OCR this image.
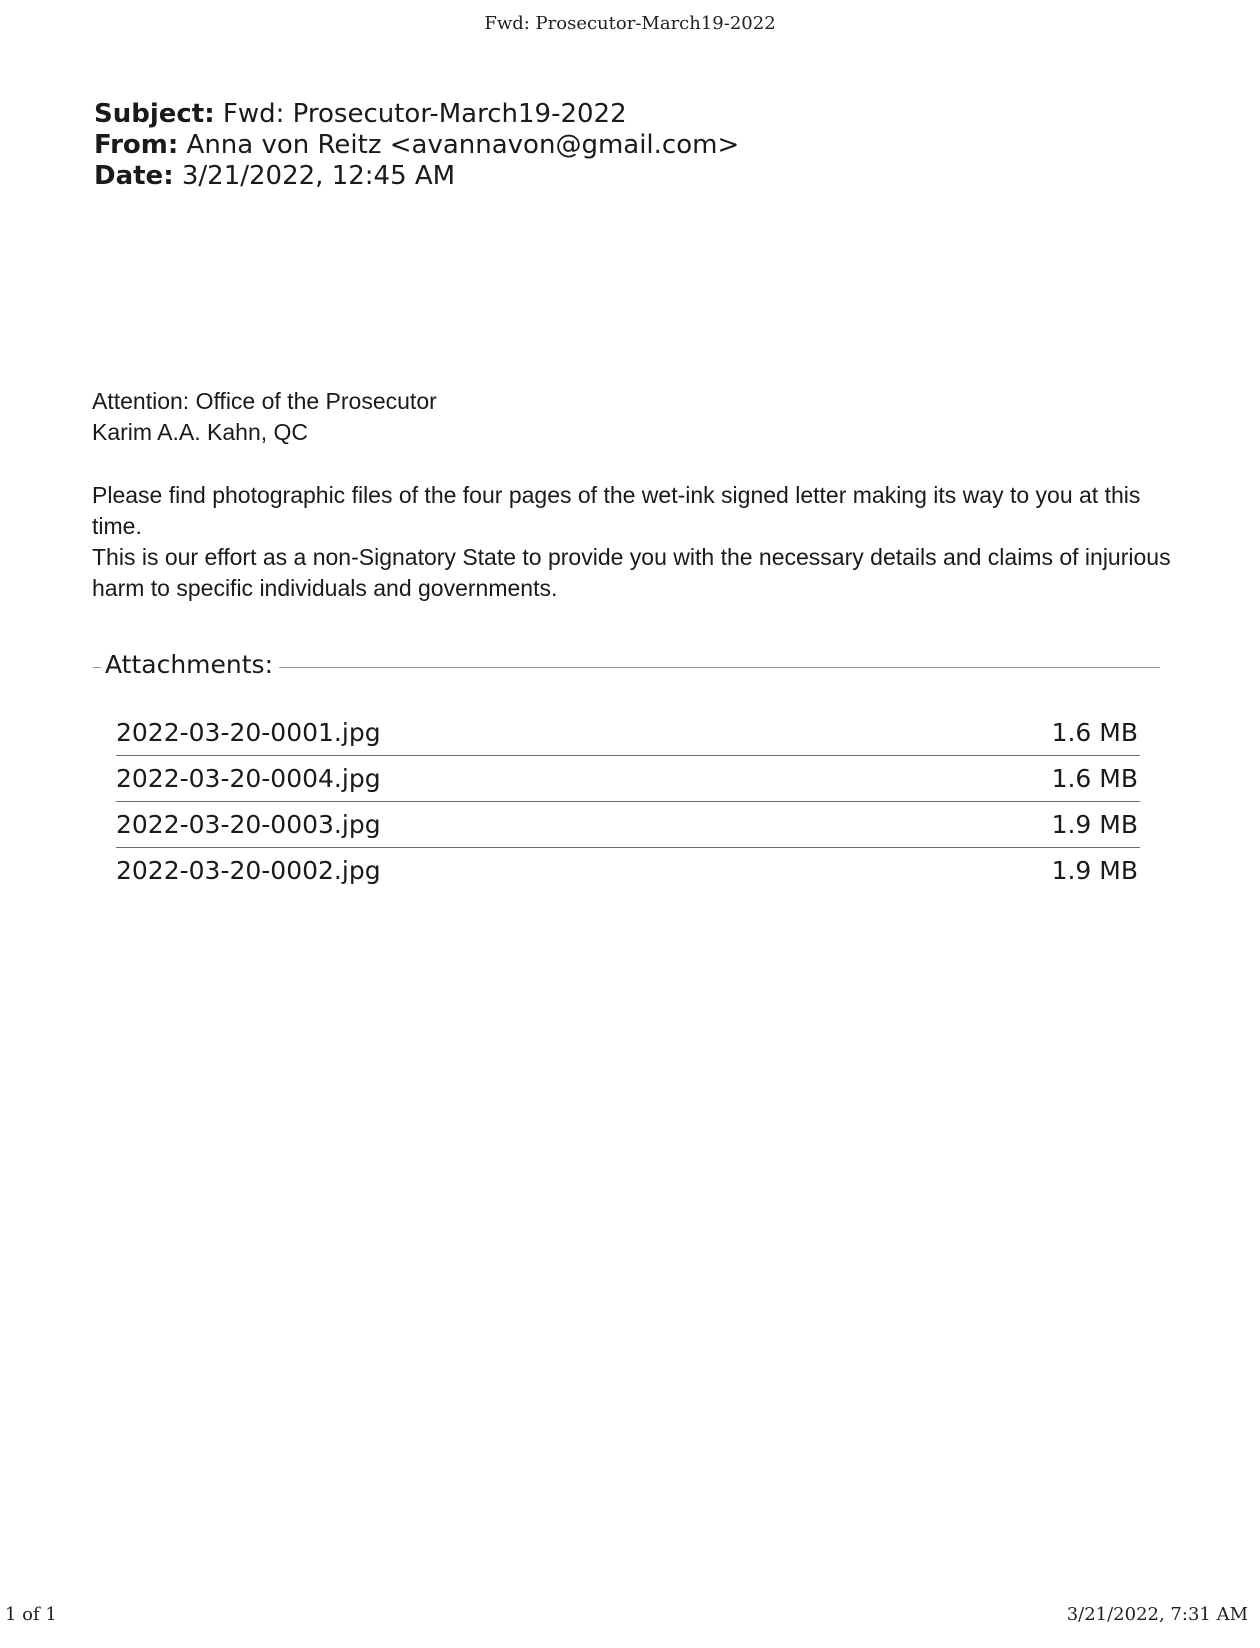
Fwd: Prosecutor-March19-2022
Subject: Fwd: Prosecutor-March19-2022
From: Anna von Reitz <avannavon@gmail.com>
Date: 3/21/2022, 12:45 AM

Attention: Office of the Prosecutor

Karim A.A. Kahn, QC

Please find photographic files of the four pages of the wet-ink signed letter making its way to you at this time.

This is our effort as a non-Signatory State to provide you with the necessary details and claims of injurious harm to specific individuals and governments.

Attachments:
2022-03-20-0001.jpg	1.6 MB
2022-03-20-0004.jpg	1.6 MB
2022-03-20-0003.jpg	1.9 MB
2022-03-20-0002.jpg	1.9 MB
1 of 1	3/21/2022, 7:31 AM
